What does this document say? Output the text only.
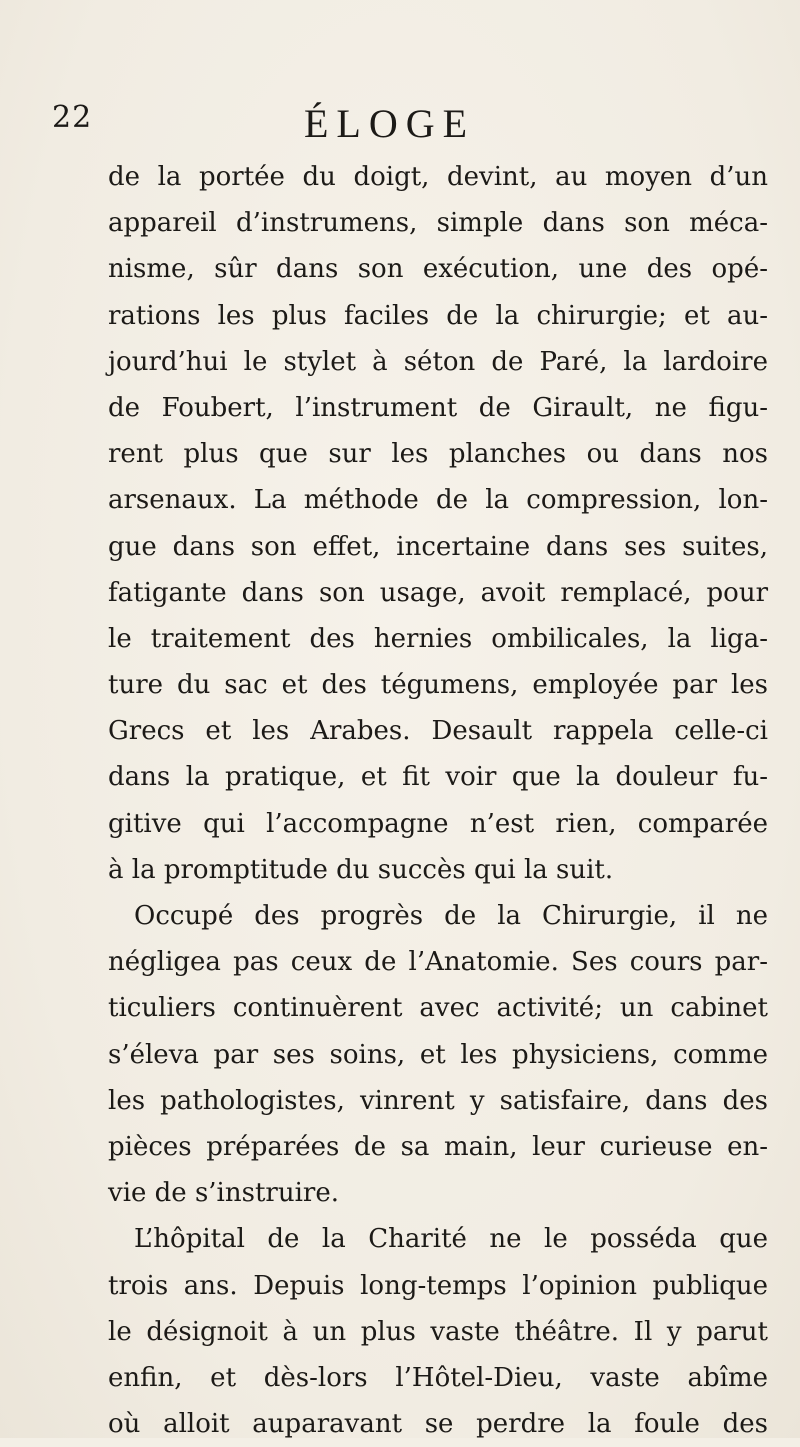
22	ÉLOGE
de la portée du doigt, devint, au moyen d’un
appareil d’instrumens, simple dans son méca-
nisme, sûr dans son exécution, une des opé-
rations les plus faciles de la chirurgie; et au-
jourd’hui le stylet à séton de Paré, la lardoire
de Foubert, l’instrument de Girault, ne figu-
rent plus que sur les planches ou dans nos
arsenaux. La méthode de la compression, lon-
gue dans son effet, incertaine dans ses suites,
fatigante dans son usage, avoit remplacé, pour
le traitement des hernies ombilicales, la liga-
ture du sac et des tégumens, employée par les
Grecs et les Arabes. Desault rappela celle-ci
dans la pratique, et fit voir que la douleur fu-
gitive qui l’accompagne n’est rien, comparée
à la promptitude du succès qui la suit.
Occupé des progrès de la Chirurgie, il ne
négligea pas ceux de l’Anatomie. Ses cours par-
ticuliers continuèrent avec activité; un cabinet
s’éleva par ses soins, et les physiciens, comme
les pathologistes, vinrent y satisfaire, dans des
pièces préparées de sa main, leur curieuse en-
vie de s’instruire.
L’hôpital de la Charité ne le posséda que
trois ans. Depuis long-temps l’opinion publique
le désignoit à un plus vaste théâtre. Il y parut
enfin, et dès-lors l’Hôtel-Dieu, vaste abîme
où alloit auparavant se perdre la foule des
